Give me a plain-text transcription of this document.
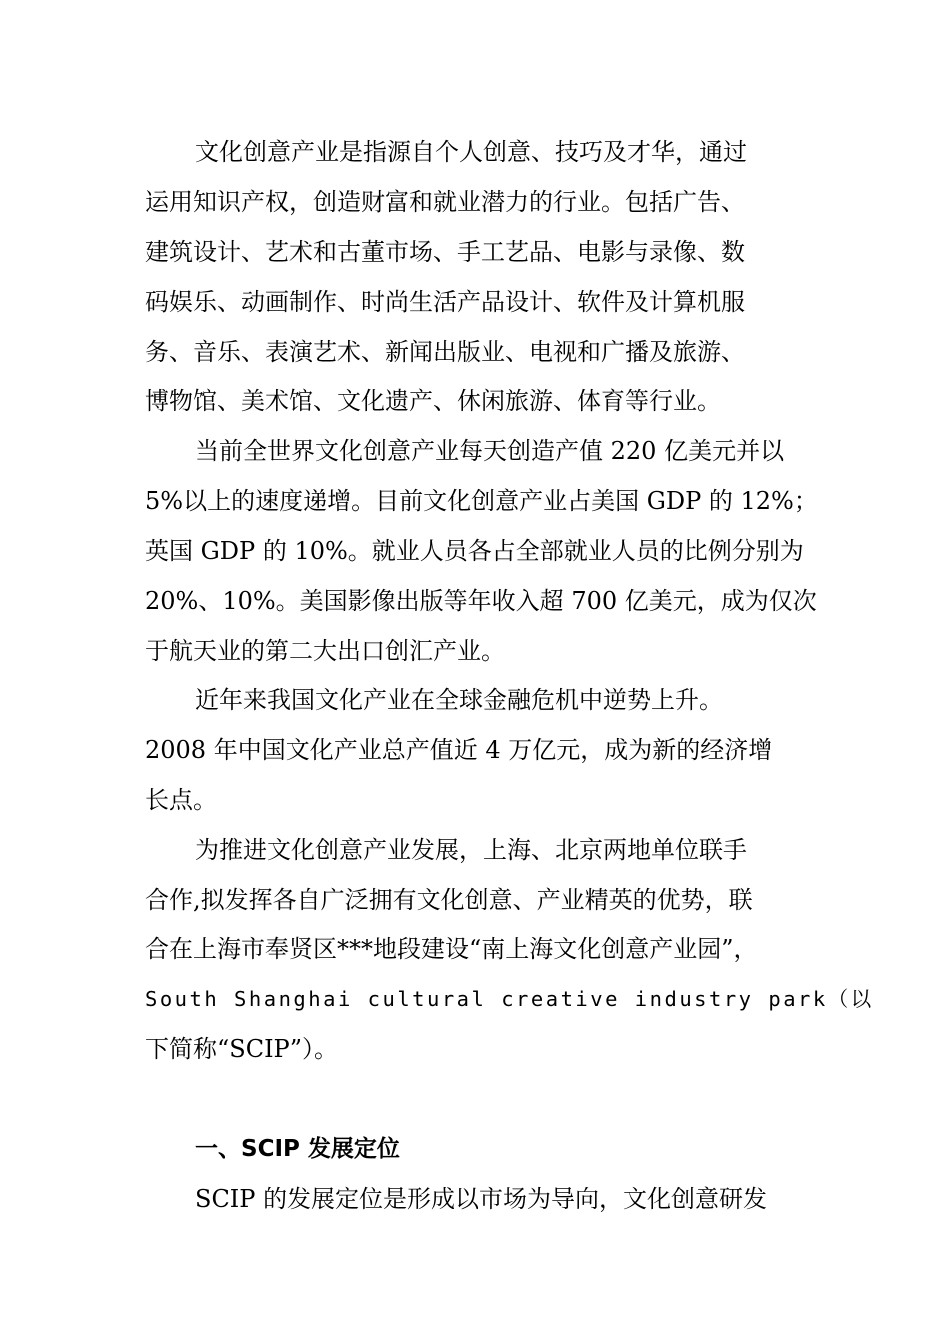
文化创意产业是指源自个人创意、技巧及才华，通过
运用知识产权，创造财富和就业潜力的行业。包括广告、
建筑设计、艺术和古董市场、手工艺品、电影与录像、数
码娱乐、动画制作、时尚生活产品设计、软件及计算机服
务、音乐、表演艺术、新闻出版业、电视和广播及旅游、
博物馆、美术馆、文化遗产、休闲旅游、体育等行业。
当前全世界文化创意产业每天创造产值 220 亿美元并以
5%以上的速度递增。目前文化创意产业占美国 GDP 的 12%；
英国 GDP 的 10%。就业人员各占全部就业人员的比例分别为
20%、10%。美国影像出版等年收入超 700 亿美元，成为仅次
于航天业的第二大出口创汇产业。
近年来我国文化产业在全球金融危机中逆势上升。
2008 年中国文化产业总产值近 4 万亿元，成为新的经济增
长点。
为推进文化创意产业发展，上海、北京两地单位联手
合作,拟发挥各自广泛拥有文化创意、产业精英的优势，联
合在上海市奉贤区***地段建设“南上海文化创意产业园”，
South Shanghai cultural creative industry park（以
下简称“SCIP”）。
一、SCIP 发展定位
SCIP 的发展定位是形成以市场为导向，文化创意研发
